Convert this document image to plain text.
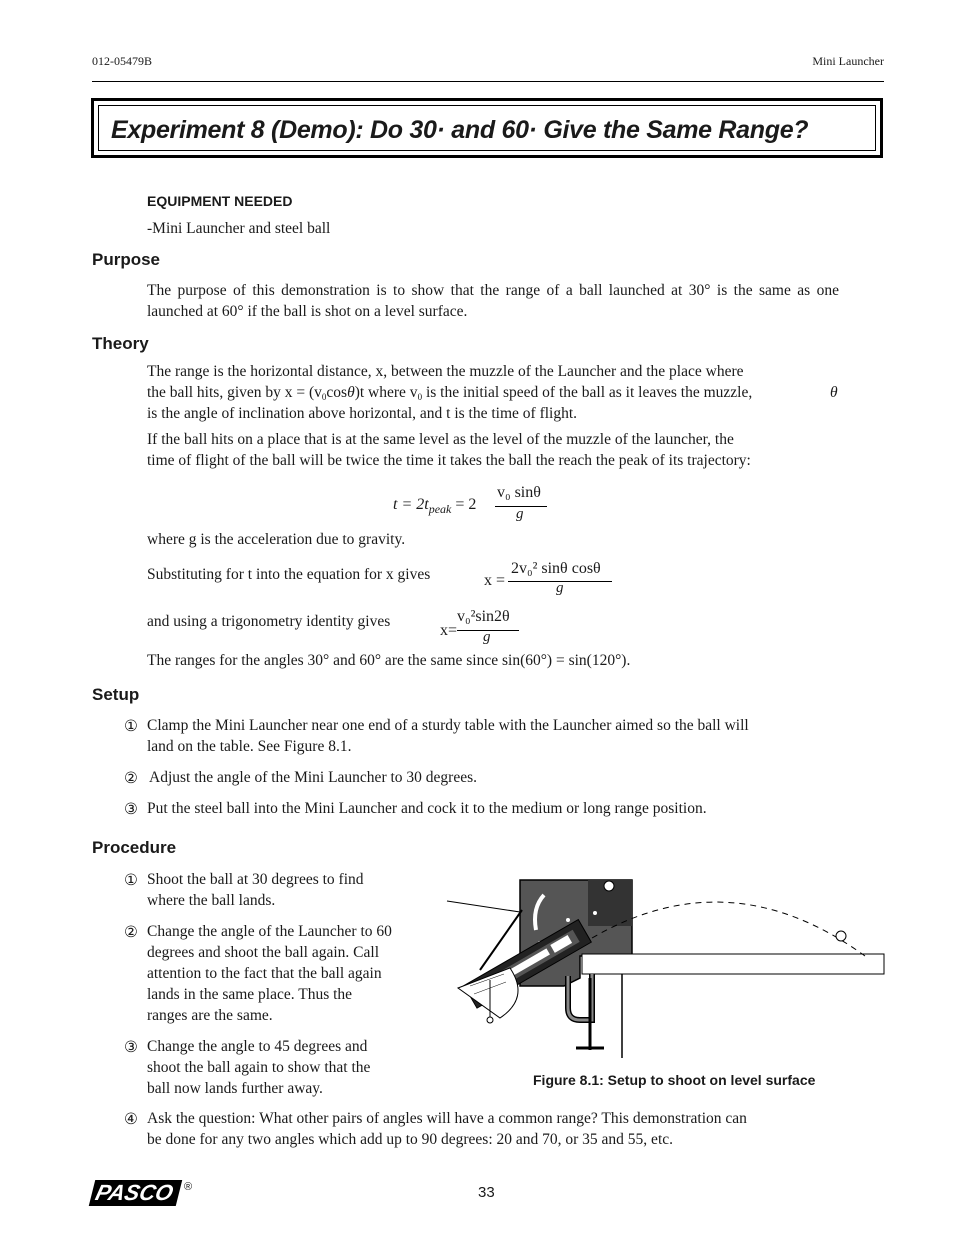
012-05479B	Mini Launcher
Experiment 8 (Demo): Do 30· and 60· Give the Same Range?
EQUIPMENT NEEDED
-Mini Launcher and steel ball
Purpose
The purpose of this demonstration is to show that the range of a ball launched at 30° is the same as one launched at 60° if the ball is shot on a level surface.
Theory
The range is the horizontal distance, x, between the muzzle of the Launcher and the place where
the ball hits, given by $x = (v_0\cos\theta)t$ where $v_0$ is the initial speed of the ball as it leaves the muzzle,	θ
is the angle of inclination above horizontal, and t is the time of flight.
If the ball hits on a place that is at the same level as the level of the muzzle of the launcher, the
time of flight of the ball will be twice the time it takes the ball the reach the peak of its trajectory:
$t = 2t_{peak} = 2$
v₀ sinθ
g
where g is the acceleration due to gravity.
Substituting for t into the equation for x gives	x =
2v₀² sinθ cosθ
g
and using a trigonometry identity gives
x=
v₀²sin2θ
g
The ranges for the angles 30° and 60° are the same since sin(60°) = sin(120°).
Setup
① Clamp the Mini Launcher near one end of a sturdy table with the Launcher aimed so the ball will
land on the table. See Figure 8.1.
② Adjust the angle of the Mini Launcher to 30 degrees.
③ Put the steel ball into the Mini Launcher and cock it to the medium or long range position.
Procedure
① Shoot the ball at 30 degrees to find
where the ball lands.
② Change the angle of the Launcher to 60
degrees and shoot the ball again. Call
attention to the fact that the ball again
lands in the same place. Thus the
ranges are the same.
③ Change the angle to 45 degrees and
shoot the ball again to show that the
ball now lands further away.
④ Ask the question: What other pairs of angles will have a common range? This demonstration can
be done for any two angles which add up to 90 degrees: 20 and 70, or 35 and 55, etc.
Figure 8.1: Setup to shoot on level surface
PASCO ®	33
